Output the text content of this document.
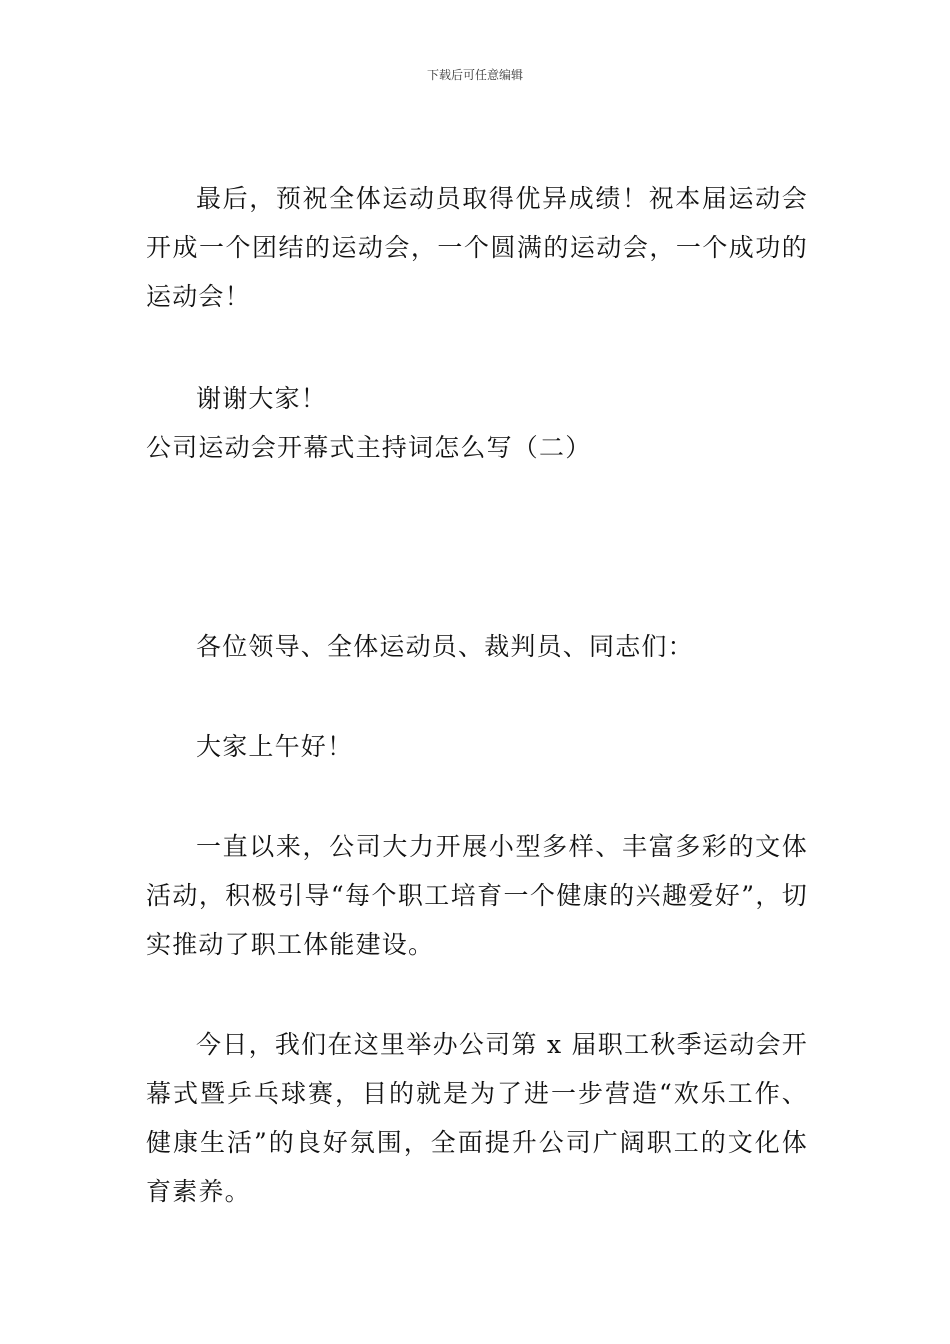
下载后可任意编辑

最后，预祝全体运动员取得优异成绩！祝本届运动会开成一个团结的运动会，一个圆满的运动会，一个成功的运动会！

谢谢大家！

公司运动会开幕式主持词怎么写（二）

各位领导、全体运动员、裁判员、同志们：

大家上午好！

一直以来，公司大力开展小型多样、丰富多彩的文体活动，积极引导“每个职工培育一个健康的兴趣爱好”，切实推动了职工体能建设。

今日，我们在这里举办公司第 x 届职工秋季运动会开幕式暨乒乓球赛，目的就是为了进一步营造“欢乐工作、健康生活”的良好氛围，全面提升公司广阔职工的文化体育素养。
